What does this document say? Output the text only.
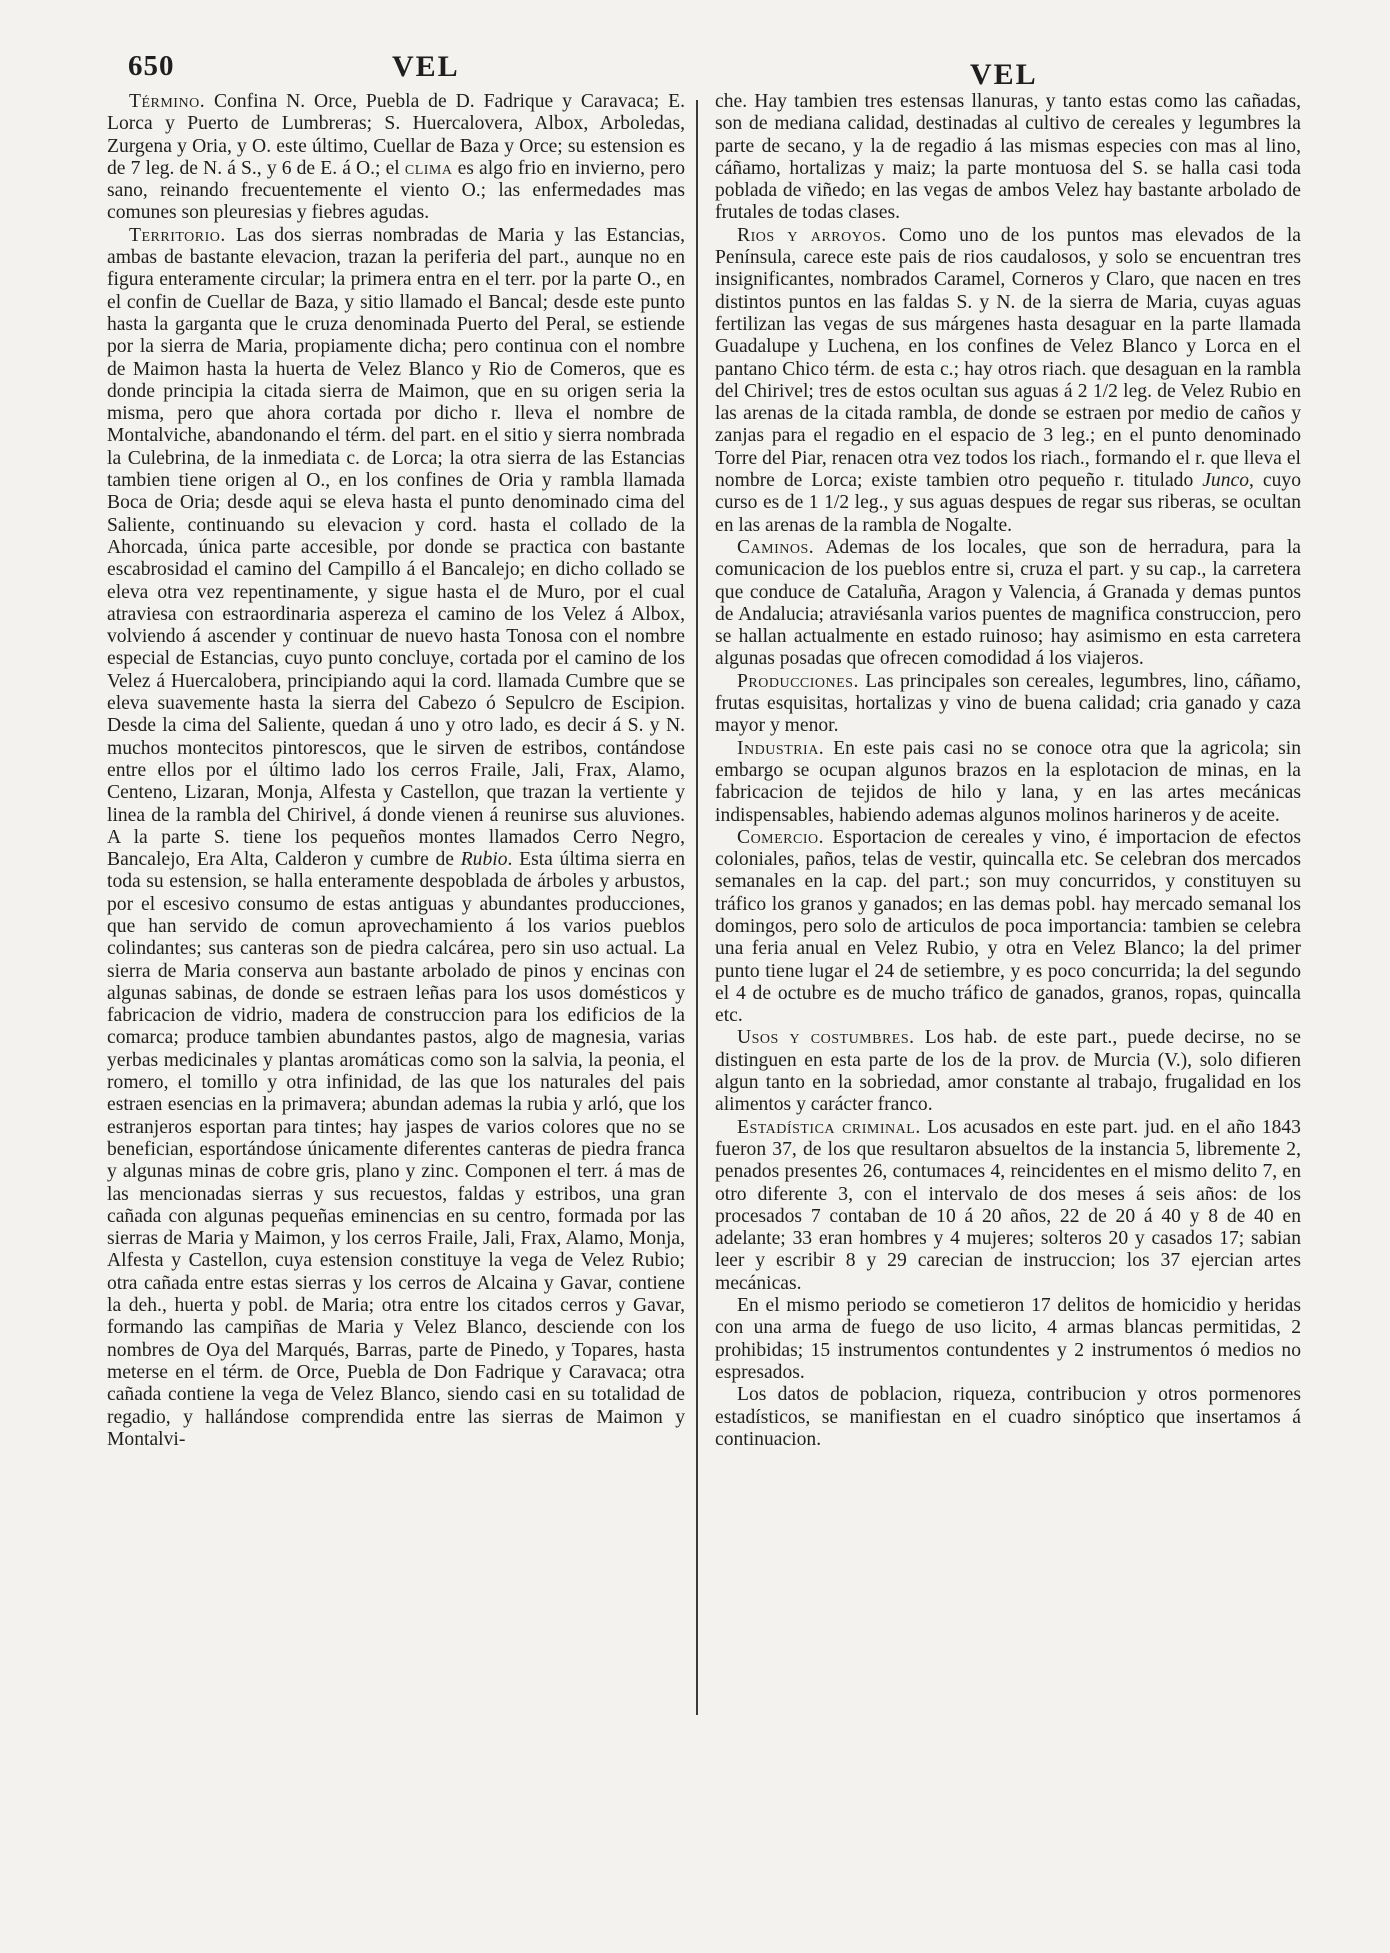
650	VEL	VEL

Término. Confina N. Orce, Puebla de D. Fadrique y Caravaca; E. Lorca y Puerto de Lumbreras; S. Huercalovera, Albox, Arboledas, Zurgena y Oria, y O. este último, Cuellar de Baza y Orce; su estension es de 7 leg. de N. á S., y 6 de E. á O.; el clima es algo frio en invierno, pero sano, reinando frecuentemente el viento O.; las enfermedades mas comunes son pleuresias y fiebres agudas.

Territorio. Las dos sierras nombradas de Maria y las Estancias, ambas de bastante elevacion, trazan la periferia del part., aunque no en figura enteramente circular; la primera entra en el terr. por la parte O., en el confin de Cuellar de Baza, y sitio llamado el Bancal; desde este punto hasta la garganta que le cruza denominada Puerto del Peral, se estiende por la sierra de Maria, propiamente dicha; pero continua con el nombre de Maimon hasta la huerta de Velez Blanco y Rio de Comeros, que es donde principia la citada sierra de Maimon, que en su origen seria la misma, pero que ahora cortada por dicho r. lleva el nombre de Montalviche, abandonando el térm. del part. en el sitio y sierra nombrada la Culebrina, de la inmediata c. de Lorca; la otra sierra de las Estancias tambien tiene origen al O., en los confines de Oria y rambla llamada Boca de Oria; desde aqui se eleva hasta el punto denominado cima del Saliente, continuando su elevacion y cord. hasta el collado de la Ahorcada, única parte accesible, por donde se practica con bastante escabrosidad el camino del Campillo á el Bancalejo; en dicho collado se eleva otra vez repentinamente, y sigue hasta el de Muro, por el cual atraviesa con estraordinaria aspereza el camino de los Velez á Albox, volviendo á ascender y continuar de nuevo hasta Tonosa con el nombre especial de Estancias, cuyo punto concluye, cortada por el camino de los Velez á Huercalobera, principiando aqui la cord. llamada Cumbre que se eleva suavemente hasta la sierra del Cabezo ó Sepulcro de Escipion. Desde la cima del Saliente, quedan á uno y otro lado, es decir á S. y N. muchos montecitos pintorescos, que le sirven de estribos, contándose entre ellos por el último lado los cerros Fraile, Jali, Frax, Alamo, Centeno, Lizaran, Monja, Alfesta y Castellon, que trazan la vertiente y linea de la rambla del Chirivel, á donde vienen á reunirse sus aluviones. A la parte S. tiene los pequeños montes llamados Cerro Negro, Bancalejo, Era Alta, Calderon y cumbre de Rubio. Esta última sierra en toda su estension, se halla enteramente despoblada de árboles y arbustos, por el escesivo consumo de estas antiguas y abundantes producciones, que han servido de comun aprovechamiento á los varios pueblos colindantes; sus canteras son de piedra calcárea, pero sin uso actual. La sierra de Maria conserva aun bastante arbolado de pinos y encinas con algunas sabinas, de donde se estraen leñas para los usos domésticos y fabricacion de vidrio, madera de construccion para los edificios de la comarca; produce tambien abundantes pastos, algo de magnesia, varias yerbas medicinales y plantas aromáticas como son la salvia, la peonia, el romero, el tomillo y otra infinidad, de las que los naturales del pais estraen esencias en la primavera; abundan ademas la rubia y arló, que los estranjeros esportan para tintes; hay jaspes de varios colores que no se benefician, esportándose únicamente diferentes canteras de piedra franca y algunas minas de cobre gris, plano y zinc. Componen el terr. á mas de las mencionadas sierras y sus recuestos, faldas y estribos, una gran cañada con algunas pequeñas eminencias en su centro, formada por las sierras de Maria y Maimon, y los cerros Fraile, Jali, Frax, Alamo, Monja, Alfesta y Castellon, cuya estension constituye la vega de Velez Rubio; otra cañada entre estas sierras y los cerros de Alcaina y Gavar, contiene la deh., huerta y pobl. de Maria; otra entre los citados cerros y Gavar, formando las campiñas de Maria y Velez Blanco, desciende con los nombres de Oya del Marqués, Barras, parte de Pinedo, y Topares, hasta meterse en el térm. de Orce, Puebla de Don Fadrique y Caravaca; otra cañada contiene la vega de Velez Blanco, siendo casi en su totalidad de regadio, y hallándose comprendida entre las sierras de Maimon y Montalvi-

che. Hay tambien tres estensas llanuras, y tanto estas como las cañadas, son de mediana calidad, destinadas al cultivo de cereales y legumbres la parte de secano, y la de regadio á las mismas especies con mas al lino, cáñamo, hortalizas y maiz; la parte montuosa del S. se halla casi toda poblada de viñedo; en las vegas de ambos Velez hay bastante arbolado de frutales de todas clases.

Rios y arroyos. Como uno de los puntos mas elevados de la Península, carece este pais de rios caudalosos, y solo se encuentran tres insignificantes, nombrados Caramel, Corneros y Claro, que nacen en tres distintos puntos en las faldas S. y N. de la sierra de Maria, cuyas aguas fertilizan las vegas de sus márgenes hasta desaguar en la parte llamada Guadalupe y Luchena, en los confines de Velez Blanco y Lorca en el pantano Chico térm. de esta c.; hay otros riach. que desaguan en la rambla del Chirivel; tres de estos ocultan sus aguas á 2 1/2 leg. de Velez Rubio en las arenas de la citada rambla, de donde se estraen por medio de caños y zanjas para el regadio en el espacio de 3 leg.; en el punto denominado Torre del Piar, renacen otra vez todos los riach., formando el r. que lleva el nombre de Lorca; existe tambien otro pequeño r. titulado Junco, cuyo curso es de 1 1/2 leg., y sus aguas despues de regar sus riberas, se ocultan en las arenas de la rambla de Nogalte.

Caminos. Ademas de los locales, que son de herradura, para la comunicacion de los pueblos entre si, cruza el part. y su cap., la carretera que conduce de Cataluña, Aragon y Valencia, á Granada y demas puntos de Andalucia; atraviésanla varios puentes de magnifica construccion, pero se hallan actualmente en estado ruinoso; hay asimismo en esta carretera algunas posadas que ofrecen comodidad á los viajeros.

Producciones. Las principales son cereales, legumbres, lino, cáñamo, frutas esquisitas, hortalizas y vino de buena calidad; cria ganado y caza mayor y menor.

Industria. En este pais casi no se conoce otra que la agricola; sin embargo se ocupan algunos brazos en la esplotacion de minas, en la fabricacion de tejidos de hilo y lana, y en las artes mecánicas indispensables, habiendo ademas algunos molinos harineros y de aceite.

Comercio. Esportacion de cereales y vino, é importacion de efectos coloniales, paños, telas de vestir, quincalla etc. Se celebran dos mercados semanales en la cap. del part.; son muy concurridos, y constituyen su tráfico los granos y ganados; en las demas pobl. hay mercado semanal los domingos, pero solo de articulos de poca importancia: tambien se celebra una feria anual en Velez Rubio, y otra en Velez Blanco; la del primer punto tiene lugar el 24 de setiembre, y es poco concurrida; la del segundo el 4 de octubre es de mucho tráfico de ganados, granos, ropas, quincalla etc.

Usos y costumbres. Los hab. de este part., puede decirse, no se distinguen en esta parte de los de la prov. de Murcia (V.), solo difieren algun tanto en la sobriedad, amor constante al trabajo, frugalidad en los alimentos y carácter franco.

Estadística criminal. Los acusados en este part. jud. en el año 1843 fueron 37, de los que resultaron absueltos de la instancia 5, libremente 2, penados presentes 26, contumaces 4, reincidentes en el mismo delito 7, en otro diferente 3, con el intervalo de dos meses á seis años: de los procesados 7 contaban de 10 á 20 años, 22 de 20 á 40 y 8 de 40 en adelante; 33 eran hombres y 4 mujeres; solteros 20 y casados 17; sabian leer y escribir 8 y 29 carecian de instruccion; los 37 ejercian artes mecánicas.

En el mismo periodo se cometieron 17 delitos de homicidio y heridas con una arma de fuego de uso licito, 4 armas blancas permitidas, 2 prohibidas; 15 instrumentos contundentes y 2 instrumentos ó medios no espresados.

Los datos de poblacion, riqueza, contribucion y otros pormenores estadísticos, se manifiestan en el cuadro sinóptico que insertamos á continuacion.
